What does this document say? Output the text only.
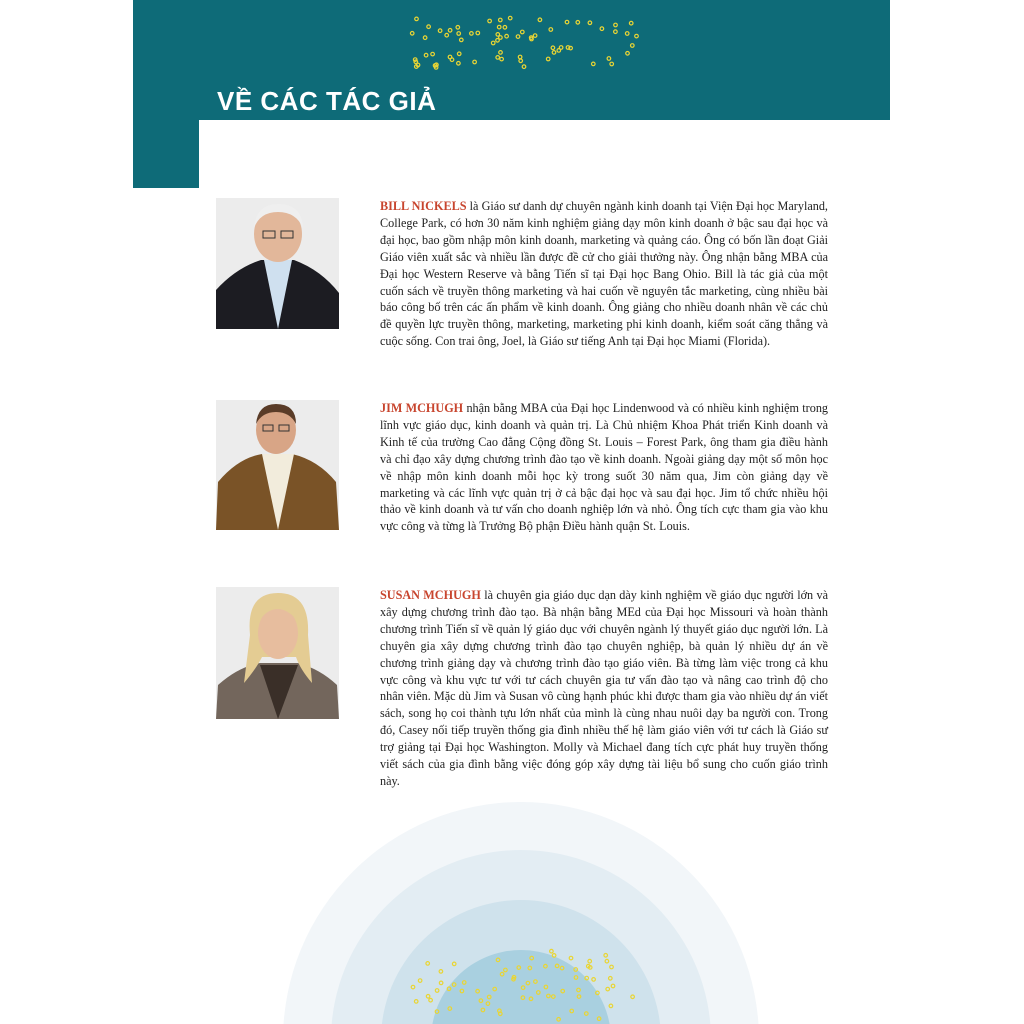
VỀ CÁC TÁC GIẢ

BILL NICKELS là Giáo sư danh dự chuyên ngành kinh doanh tại Viện Đại học Maryland, College Park, có hơn 30 năm kinh nghiệm giảng dạy môn kinh doanh ở bậc sau đại học và đại học, bao gồm nhập môn kinh doanh, marketing và quảng cáo. Ông có bốn lần đoạt Giải Giáo viên xuất sắc và nhiều lần được đề cử cho giải thưởng này. Ông nhận bằng MBA của Đại học Western Reserve và bằng Tiến sĩ tại Đại học Bang Ohio. Bill là tác giả của một cuốn sách về truyền thông marketing và hai cuốn về nguyên tắc marketing, cùng nhiều bài báo công bố trên các ấn phẩm về kinh doanh. Ông giảng cho nhiều doanh nhân về các chủ đề quyền lực truyền thông, marketing, marketing phi kinh doanh, kiểm soát căng thẳng và cuộc sống. Con trai ông, Joel, là Giáo sư tiếng Anh tại Đại học Miami (Florida).

JIM MCHUGH nhận bằng MBA của Đại học Lindenwood và có nhiều kinh nghiệm trong lĩnh vực giáo dục, kinh doanh và quản trị. Là Chủ nhiệm Khoa Phát triển Kinh doanh và Kinh tế của trường Cao đẳng Cộng đồng St. Louis – Forest Park, ông tham gia điều hành và chỉ đạo xây dựng chương trình đào tạo về kinh doanh. Ngoài giảng dạy một số môn học về nhập môn kinh doanh mỗi học kỳ trong suốt 30 năm qua, Jim còn giảng dạy về marketing và các lĩnh vực quản trị ở cả bậc đại học và sau đại học. Jim tổ chức nhiều hội thảo về kinh doanh và tư vấn cho doanh nghiệp lớn và nhỏ. Ông tích cực tham gia vào khu vực công và từng là Trưởng Bộ phận Điều hành quận St. Louis.

SUSAN MCHUGH là chuyên gia giáo dục dạn dày kinh nghiệm về giáo dục người lớn và xây dựng chương trình đào tạo. Bà nhận bằng MEd của Đại học Missouri và hoàn thành chương trình Tiến sĩ về quản lý giáo dục với chuyên ngành lý thuyết giáo dục người lớn. Là chuyên gia xây dựng chương trình đào tạo chuyên nghiệp, bà quản lý nhiều dự án về chương trình giảng dạy và chương trình đào tạo giáo viên. Bà từng làm việc trong cả khu vực công và khu vực tư với tư cách chuyên gia tư vấn đào tạo và nâng cao trình độ cho nhân viên. Mặc dù Jim và Susan vô cùng hạnh phúc khi được tham gia vào nhiều dự án viết sách, song họ coi thành tựu lớn nhất của mình là cùng nhau nuôi dạy ba người con. Trong đó, Casey nối tiếp truyền thống gia đình nhiều thế hệ làm giáo viên với tư cách là Giáo sư trợ giảng tại Đại học Washington. Molly và Michael đang tích cực phát huy truyền thống viết sách của gia đình bằng việc đóng góp xây dựng tài liệu bổ sung cho cuốn giáo trình này.
